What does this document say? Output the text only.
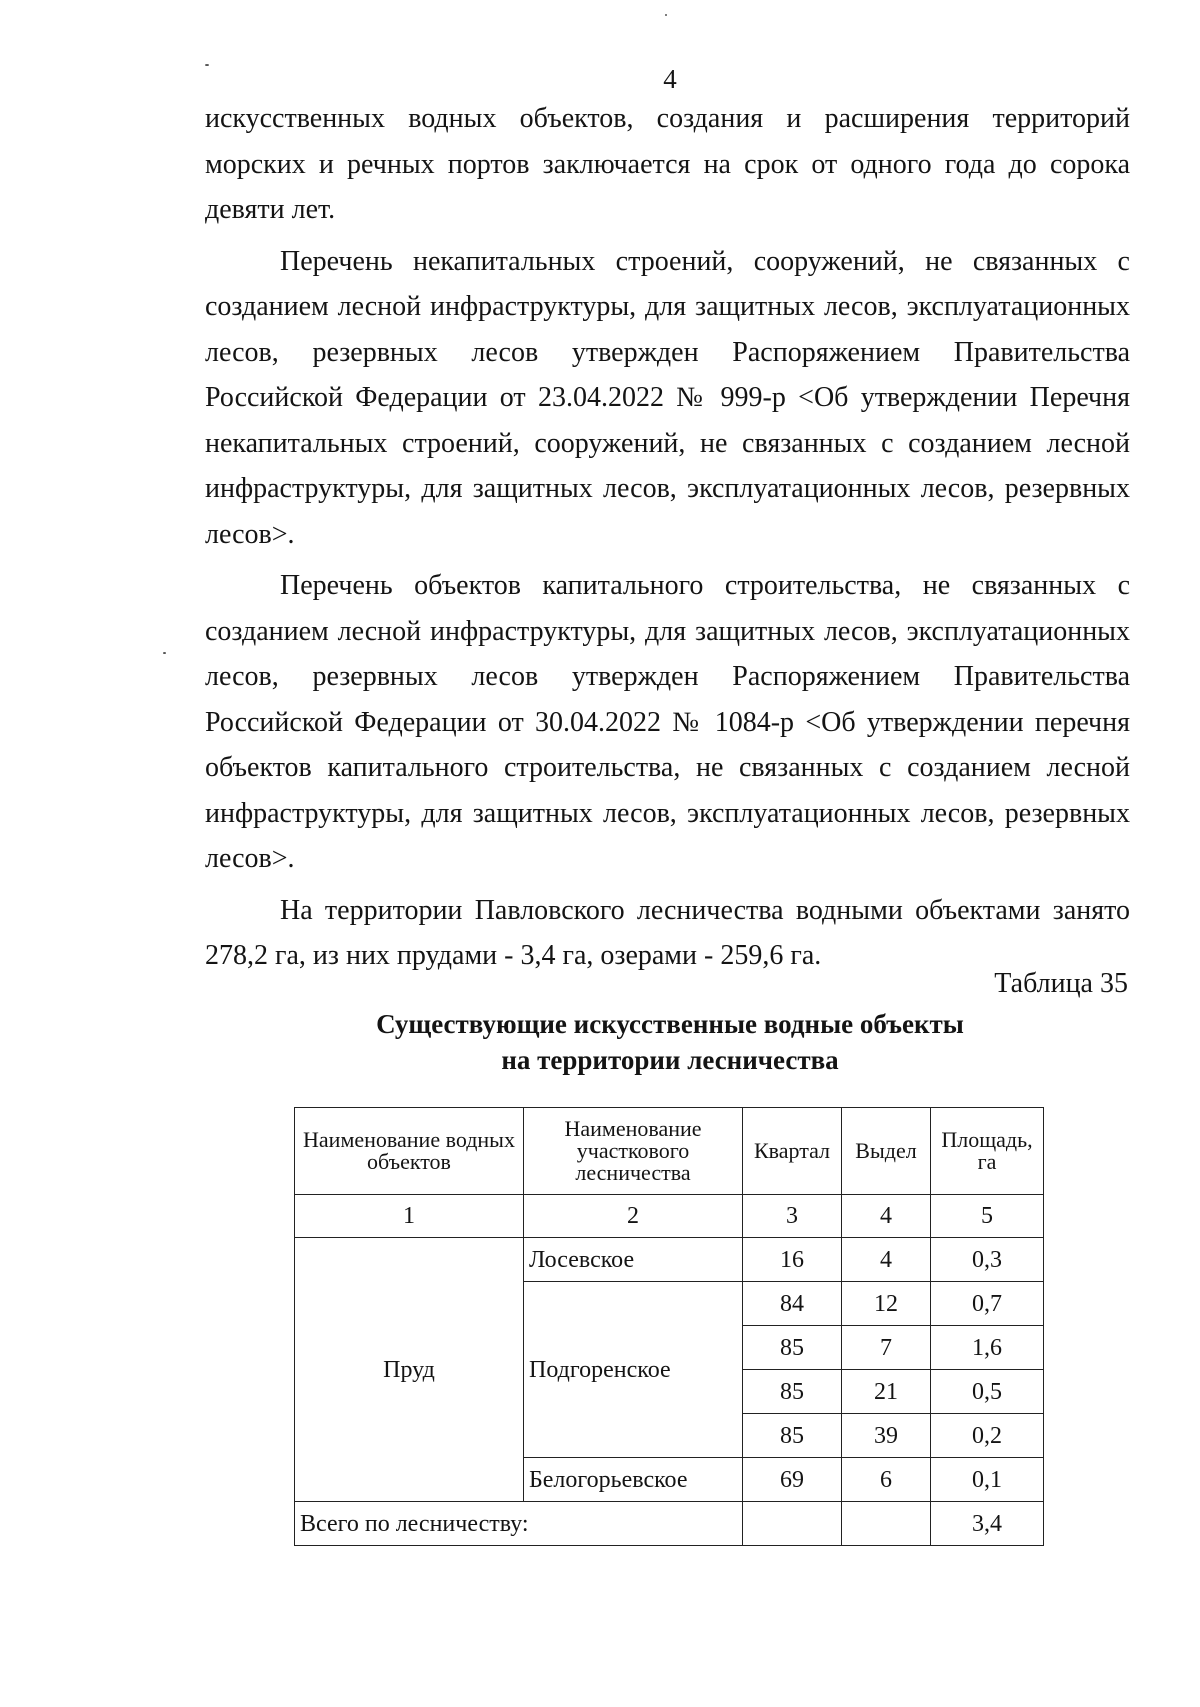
4

искусственных водных объектов, создания и расширения территорий морских и речных портов заключается на срок от одного года до сорока девяти лет.

Перечень некапитальных строений, сооружений, не связанных с созданием лесной инфраструктуры, для защитных лесов, эксплуатационных лесов, резервных лесов утвержден Распоряжением Правительства Российской Федерации от 23.04.2022 № 999-р <Об утверждении Перечня некапитальных строений, сооружений, не связанных с созданием лесной инфраструктуры, для защитных лесов, эксплуатационных лесов, резервных лесов>.

Перечень объектов капитального строительства, не связанных с созданием лесной инфраструктуры, для защитных лесов, эксплуатационных лесов, резервных лесов утвержден Распоряжением Правительства Российской Федерации от 30.04.2022 № 1084-р <Об утверждении перечня объектов капитального строительства, не связанных с созданием лесной инфраструктуры, для защитных лесов, эксплуатационных лесов, резервных лесов>.

На территории Павловского лесничества водными объектами занято 278,2 га, из них прудами - 3,4 га, озерами - 259,6 га.

Таблица 35
Существующие искусственные водные объекты
на территории лесничества
Наименование водных объектов	Наименование участкового лесничества	Квартал	Выдел	Площадь, га
1	2	3	4	5
Пруд	Лосевское	16	4	0,3
	Подгоренское	84	12	0,7
		85	7	1,6
		85	21	0,5
		85	39	0,2
	Белогорьевское	69	6	0,1
Всего по лесничеству:				3,4
